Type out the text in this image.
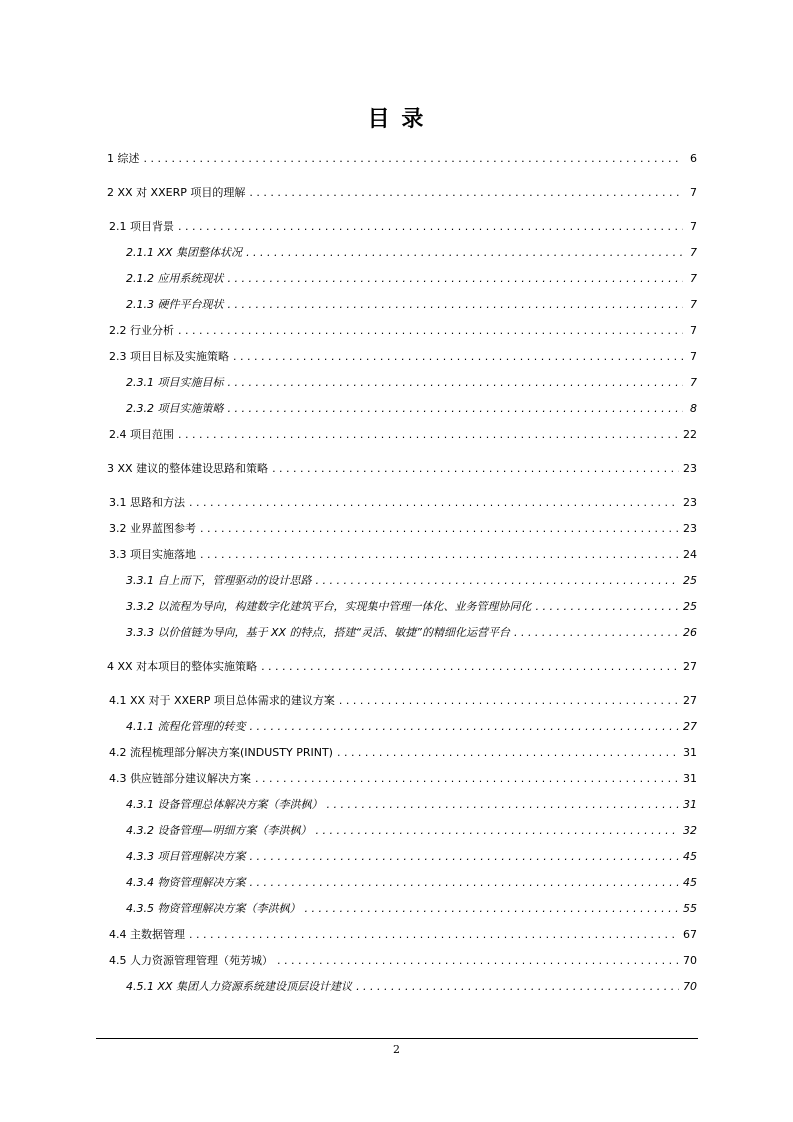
目 录
1 综述 . . .	6
2 XX 对 XXERP 项目的理解 . . .	7
2.1 项目背景 . . .	7
2.1.1 XX 集团整体状况 . . .	7
2.1.2 应用系统现状 . . .	7
2.1.3 硬件平台现状 . . .	7
2.2 行业分析 . . .	7
2.3 项目目标及实施策略 . . .	7
2.3.1 项目实施目标 . . .	7
2.3.2 项目实施策略 . . .	8
2.4 项目范围 . . .	22
3 XX 建议的整体建设思路和策略 . . .	23
3.1 思路和方法 . . .	23
3.2 业界蓝图参考 . . .	23
3.3 项目实施落地 . . .	24
3.3.1 自上而下，管理驱动的设计思路 . . .	25
3.3.2 以流程为导向，构建数字化建筑平台，实现集中管理一体化、业务管理协同化 . . .	25
3.3.3 以价值链为导向，基于 XX 的特点，搭建“灵活、敏捷”的精细化运营平台 . . .	26
4 XX 对本项目的整体实施策略 . . .	27
4.1 XX 对于 XXERP 项目总体需求的建议方案 . . .	27
4.1.1 流程化管理的转变 . . .	27
4.2 流程梳理部分解决方案(INDUSTY PRINT) . . .	31
4.3 供应链部分建议解决方案 . . .	31
4.3.1 设备管理总体解决方案（李洪枫） . . .	31
4.3.2 设备管理—明细方案（李洪枫） . . .	32
4.3.3 项目管理解决方案 . . .	45
4.3.4 物资管理解决方案 . . .	45
4.3.5 物资管理解决方案（李洪枫） . . .	55
4.4 主数据管理 . . .	67
4.5 人力资源管理管理（苑芳城） . . .	70
4.5.1 XX 集团人力资源系统建设顶层设计建议 . . .	70
2
